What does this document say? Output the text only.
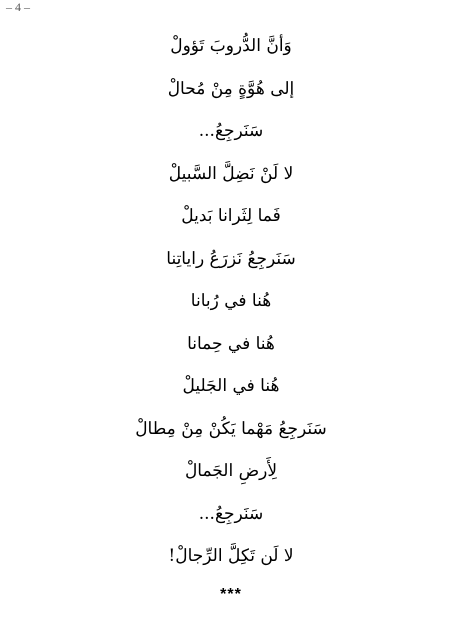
– 4 –
وَأنَّ الدُّروبَ تَؤولْ
إلى هُوَّةٍ مِنْ مُحالْ
سَنَرجِعُ...
لا لَنْ نَضِلَّ السَّبيلْ
فَما لِثَرانا بَديلْ
سَنَرجِعُ نَزرَعُ راياتِنا
هُنا في رُبانا
هُنا في حِمانا
هُنا في الجَليلْ
سَنَرجِعُ مَهْما يَكُنْ مِنْ مِطالْ
لِأَرضِ الجَمالْ
سَنَرجِعُ...
لا لَن تَكِلَّ الرِّجالْ!
***
